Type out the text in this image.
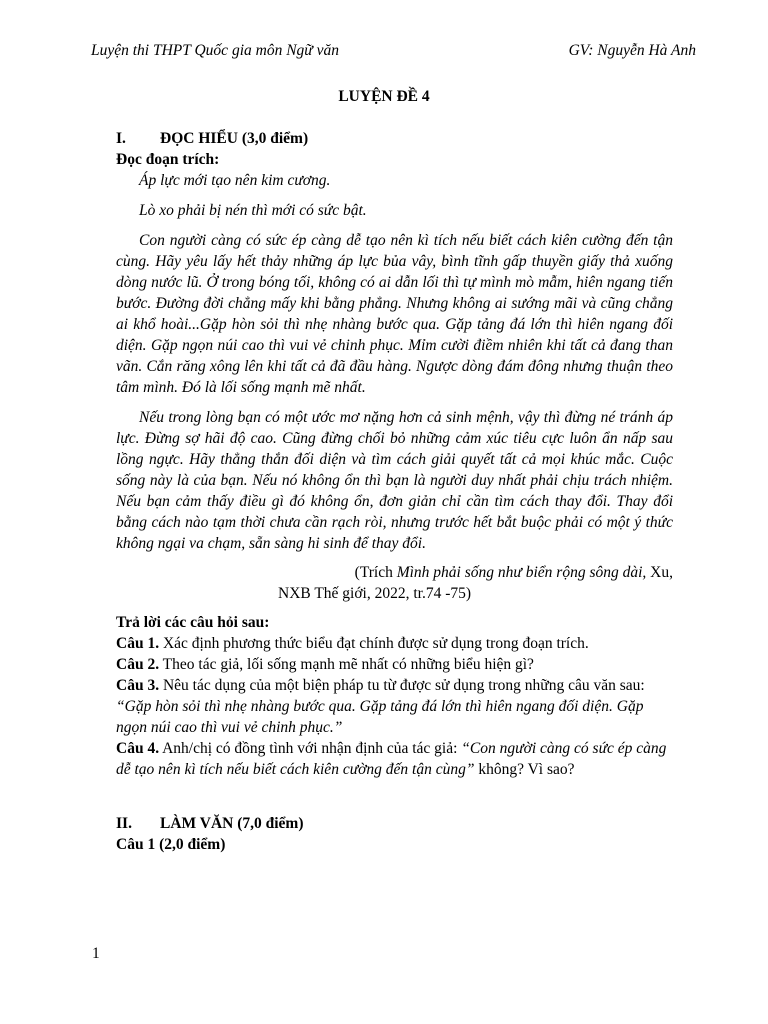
Luyện thi THPT Quốc gia môn Ngữ văn	GV: Nguyễn Hà Anh
LUYỆN ĐỀ 4
I.	ĐỌC HIỂU (3,0 điểm)
Đọc đoạn trích:
Áp lực mới tạo nên kim cương.
Lò xo phải bị nén thì mới có sức bật.
Con người càng có sức ép càng dễ tạo nên kì tích nếu biết cách kiên cường đến tận cùng. Hãy yêu lấy hết thảy những áp lực bủa vây, bình tĩnh gấp thuyền giấy thả xuống dòng nước lũ. Ở trong bóng tối, không có ai dẫn lối thì tự mình mò mẫm, hiên ngang tiến bước. Đường đời chẳng mấy khi bằng phẳng. Nhưng không ai sướng mãi và cũng chẳng ai khổ hoài...Gặp hòn sỏi thì nhẹ nhàng bước qua. Gặp tảng đá lớn thì hiên ngang đối diện. Gặp ngọn núi cao thì vui vẻ chinh phục. Mỉm cười điềm nhiên khi tất cả đang than vãn. Cắn răng xông lên khi tất cả đã đầu hàng. Ngược dòng đám đông nhưng thuận theo tâm mình. Đó là lối sống mạnh mẽ nhất.
Nếu trong lòng bạn có một ước mơ nặng hơn cả sinh mệnh, vậy thì đừng né tránh áp lực. Đừng sợ hãi độ cao. Cũng đừng chối bỏ những cảm xúc tiêu cực luôn ẩn nấp sau lồng ngực. Hãy thẳng thắn đối diện và tìm cách giải quyết tất cả mọi khúc mắc. Cuộc sống này là của bạn. Nếu nó không ổn thì bạn là người duy nhất phải chịu trách nhiệm. Nếu bạn cảm thấy điều gì đó không ổn, đơn giản chỉ cần tìm cách thay đổi. Thay đổi bằng cách nào tạm thời chưa cần rạch ròi, nhưng trước hết bắt buộc phải có một ý thức không ngại va chạm, sẵn sàng hi sinh để thay đổi.
(Trích Mình phải sống như biển rộng sông dài, Xu,
NXB Thế giới, 2022, tr.74 -75)
Trả lời các câu hỏi sau:
Câu 1. Xác định phương thức biểu đạt chính được sử dụng trong đoạn trích.
Câu 2. Theo tác giả, lối sống mạnh mẽ nhất có những biểu hiện gì?
Câu 3. Nêu tác dụng của một biện pháp tu từ được sử dụng trong những câu văn sau: “Gặp hòn sỏi thì nhẹ nhàng bước qua. Gặp tảng đá lớn thì hiên ngang đối diện. Gặp ngọn núi cao thì vui vẻ chinh phục.”
Câu 4. Anh/chị có đồng tình với nhận định của tác giả: “Con người càng có sức ép càng dễ tạo nên kì tích nếu biết cách kiên cường đến tận cùng” không? Vì sao?
II.	LÀM VĂN (7,0 điểm)
Câu 1 (2,0 điểm)
1
